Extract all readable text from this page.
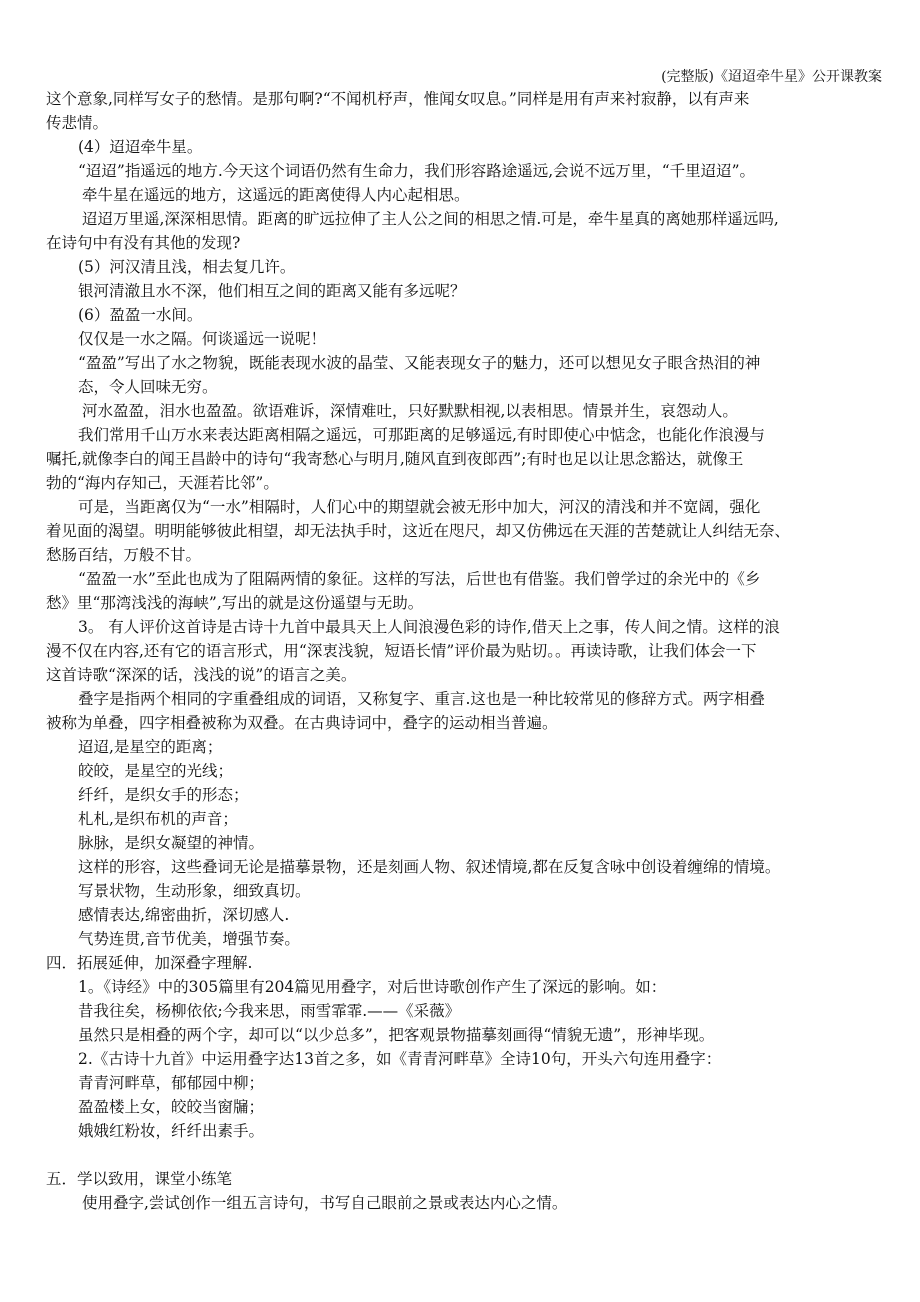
(完整版)《迢迢牵牛星》公开课教案
这个意象,同样写女子的愁情。是那句啊?“不闻机杼声，惟闻女叹息。”同样是用有声来衬寂静，以有声来
传悲情。
(4）迢迢牵牛星。
“迢迢”指遥远的地方.今天这个词语仍然有生命力，我们形容路途遥远,会说不远万里，“千里迢迢”。
牵牛星在遥远的地方，这遥远的距离使得人内心起相思。
迢迢万里遥,深深相思情。距离的旷远拉伸了主人公之间的相思之情.可是，牵牛星真的离她那样遥远吗,
在诗句中有没有其他的发现?
(5）河汉清且浅，相去复几许。
银河清澈且水不深，他们相互之间的距离又能有多远呢？
(6）盈盈一水间。
仅仅是一水之隔。何谈遥远一说呢！
“盈盈”写出了水之物貌，既能表现水波的晶莹、又能表现女子的魅力，还可以想见女子眼含热泪的神
态，令人回味无穷。
河水盈盈，泪水也盈盈。欲语难诉，深情难吐，只好默默相视,以表相思。情景并生，哀怨动人。
我们常用千山万水来表达距离相隔之遥远，可那距离的足够遥远,有时即使心中惦念，也能化作浪漫与
嘱托,就像李白的闻王昌龄中的诗句“我寄愁心与明月,随风直到夜郎西”;有时也足以让思念豁达，就像王
勃的“海内存知己，天涯若比邻”。
可是，当距离仅为“一水”相隔时，人们心中的期望就会被无形中加大，河汉的清浅和并不宽阔，强化
着见面的渴望。明明能够彼此相望，却无法执手时，这近在咫尺，却又仿佛远在天涯的苦楚就让人纠结无奈、
愁肠百结，万般不甘。
“盈盈一水”至此也成为了阻隔两情的象征。这样的写法，后世也有借鉴。我们曾学过的余光中的《乡
愁》里“那湾浅浅的海峡”,写出的就是这份遥望与无助。
3。 有人评价这首诗是古诗十九首中最具天上人间浪漫色彩的诗作,借天上之事，传人间之情。这样的浪
漫不仅在内容,还有它的语言形式，用“深衷浅貌，短语长情”评价最为贴切。。再读诗歌，让我们体会一下
这首诗歌“深深的话，浅浅的说”的语言之美。
叠字是指两个相同的字重叠组成的词语，又称复字、重言.这也是一种比较常见的修辞方式。两字相叠
被称为单叠，四字相叠被称为双叠。在古典诗词中，叠字的运动相当普遍。
迢迢,是星空的距离；
皎皎，是星空的光线；
纤纤，是织女手的形态；
札札,是织布机的声音；
脉脉，是织女凝望的神情。
这样的形容，这些叠词无论是描摹景物，还是刻画人物、叙述情境,都在反复含咏中创设着缠绵的情境。
写景状物，生动形象，细致真切。
感情表达,绵密曲折，深切感人.
气势连贯,音节优美，增强节奏。
四．拓展延伸，加深叠字理解.
1。《诗经》中的305篇里有204篇见用叠字，对后世诗歌创作产生了深远的影响。如：
昔我往矣，杨柳依依;今我来思，雨雪霏霏.——《采薇》
虽然只是相叠的两个字，却可以“以少总多”，把客观景物描摹刻画得“情貌无遗”，形神毕现。
2.《古诗十九首》中运用叠字达13首之多，如《青青河畔草》全诗10句，开头六句连用叠字：
青青河畔草，郁郁园中柳；
盈盈楼上女，皎皎当窗牖；
娥娥红粉妆，纤纤出素手。
五．学以致用，课堂小练笔
使用叠字,尝试创作一组五言诗句，书写自己眼前之景或表达内心之情。
